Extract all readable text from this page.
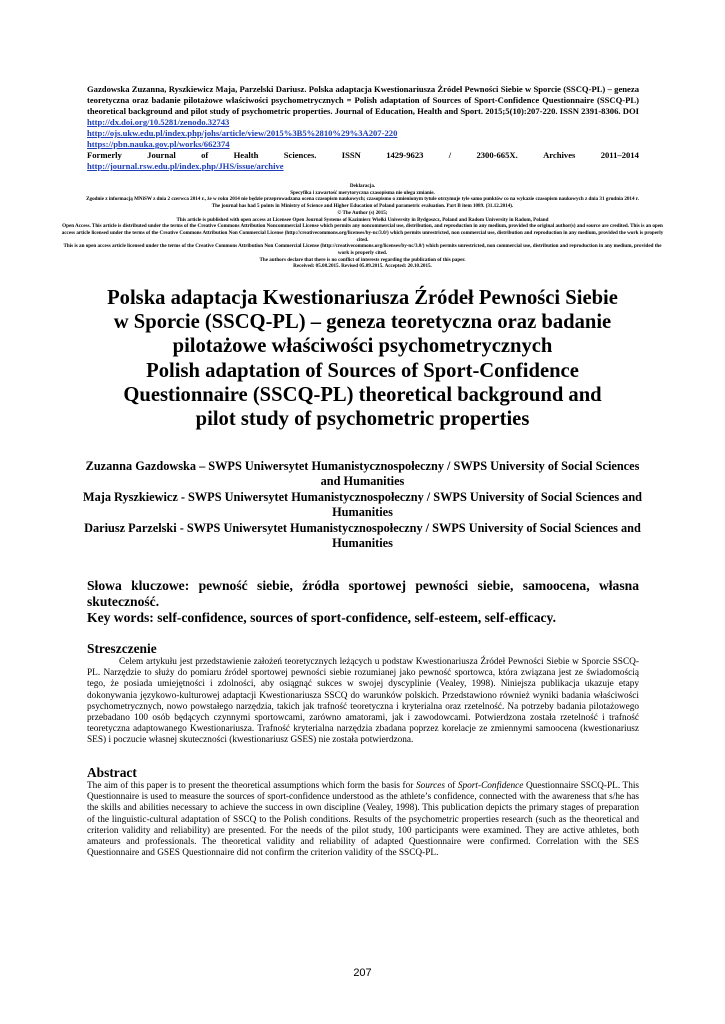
Gazdowska Zuzanna, Ryszkiewicz Maja, Parzelski Dariusz. Polska adaptacja Kwestionariusza Źródeł Pewności Siebie w Sporcie (SSCQ-PL) – geneza teoretyczna oraz badanie pilotażowe właściwości psychometrycznych = Polish adaptation of Sources of Sport-Confidence Questionnaire (SSCQ-PL) theoretical background and pilot study of psychometric properties. Journal of Education, Health and Sport. 2015;5(10):207-220. ISSN 2391-8306. DOI http://dx.doi.org/10.5281/zenodo.32743
http://ojs.ukw.edu.pl/index.php/johs/article/view/2015%3B5%2810%29%3A207-220
https://pbn.nauka.gov.pl/works/662374

Formerly	Journal	of	Health	Sciences.	ISSN	1429-9623	/	2300-665X.	Archives	2011–2014
http://journal.rsw.edu.pl/index.php/JHS/issue/archive
Deklaracja.
Specyfika i zawartość merytoryczna czasopisma nie ulega zmianie.
Zgodnie z informacją MNiSW z dnia 2 czerwca 2014 r., że w roku 2014 nie będzie przeprowadzana ocena czasopism naukowych; czasopismo o zmienionym tytule otrzymuje tyle samo punktów co na wykazie czasopism naukowych z dnia 31 grudnia 2014 r.
The journal has had 5 points in Ministry of Science and Higher Education of Poland parametric evaluation. Part B item 1089. (31.12.2014).
© The Author (s) 2015;
This article is published with open access at Licensee Open Journal Systems of Kazimierz Wielki University in Bydgoszcz, Poland and Radom University in Radom, Poland
Open Access. This article is distributed under the terms of the Creative Commons Attribution Noncommercial License which permits any noncommercial use, distribution, and reproduction in any medium, provided the original author(s) and source are credited. This is an open access article licensed under the terms of the Creative Commons Attribution Non Commercial License (http://creativecommons.org/licenses/by-nc/3.0/) which permits unrestricted, non commercial use, distribution and reproduction in any medium, provided the work is properly cited.
This is an open access article licensed under the terms of the Creative Commons Attribution Non Commercial License (http://creativecommons.org/licenses/by-nc/3.0/) which permits unrestricted, non commercial use, distribution and reproduction in any medium, provided the work is properly cited.
The authors declare that there is no conflict of interests regarding the publication of this paper.
Received: 05.08.2015. Revised 05.09.2015. Accepted: 20.10.2015.
Polska adaptacja Kwestionariusza Źródeł Pewności Siebie
w Sporcie (SSCQ-PL) – geneza teoretyczna oraz badanie
pilotażowe właściwości psychometrycznych
Polish adaptation of Sources of Sport-Confidence
Questionnaire (SSCQ-PL) theoretical background and
pilot study of psychometric properties
Zuzanna Gazdowska – SWPS Uniwersytet Humanistycznospołeczny / SWPS University of Social Sciences and Humanities
Maja Ryszkiewicz - SWPS Uniwersytet Humanistycznospołeczny / SWPS University of Social Sciences and Humanities
Dariusz Parzelski - SWPS Uniwersytet Humanistycznospołeczny / SWPS University of Social Sciences and Humanities
Słowa kluczowe: pewność siebie, źródła sportowej pewności siebie, samoocena, własna skuteczność.
Key words: self-confidence, sources of sport-confidence, self-esteem, self-efficacy.
Streszczenie
Celem artykułu jest przedstawienie założeń teoretycznych leżących u podstaw Kwestionariusza Źródeł Pewności Siebie w Sporcie SSCQ-PL. Narzędzie to służy do pomiaru źródeł sportowej pewności siebie rozumianej jako pewność sportowca, która związana jest ze świadomością tego, że posiada umiejętności i zdolności, aby osiągnąć sukces w swojej dyscyplinie (Vealey, 1998). Niniejsza publikacja ukazuje etapy dokonywania językowo-kulturowej adaptacji Kwestionariusza SSCQ do warunków polskich. Przedstawiono również wyniki badania właściwości psychometrycznych, nowo powstałego narzędzia, takich jak trafność teoretyczna i kryterialna oraz rzetelność. Na potrzeby badania pilotażowego przebadano 100 osób będących czynnymi sportowcami, zarówno amatorami, jak i zawodowcami. Potwierdzona została rzetelność i trafność teoretyczna adaptowanego Kwestionariusza. Trafność kryterialna narzędzia zbadana poprzez korelacje ze zmiennymi samoocena (kwestionariusz SES) i poczucie własnej skuteczności (kwestionariusz GSES) nie została potwierdzona.
Abstract
The aim of this paper is to present the theoretical assumptions which form the basis for Sources of Sport-Confidence Questionnaire SSCQ-PL. This Questionnaire is used to measure the sources of sport-confidence understood as the athlete’s confidence, connected with the awareness that s/he has the skills and abilities necessary to achieve the success in own discipline (Vealey, 1998). This publication depicts the primary stages of preparation of the linguistic-cultural adaptation of SSCQ to the Polish conditions. Results of the psychometric properties research (such as the theoretical and criterion validity and reliability) are presented. For the needs of the pilot study, 100 participants were examined. They are active athletes, both amateurs and professionals. The theoretical validity and reliability of adapted Questionnaire were confirmed. Correlation with the SES Questionnaire and GSES Questionnaire did not confirm the criterion validity of the SSCQ-PL.
207
